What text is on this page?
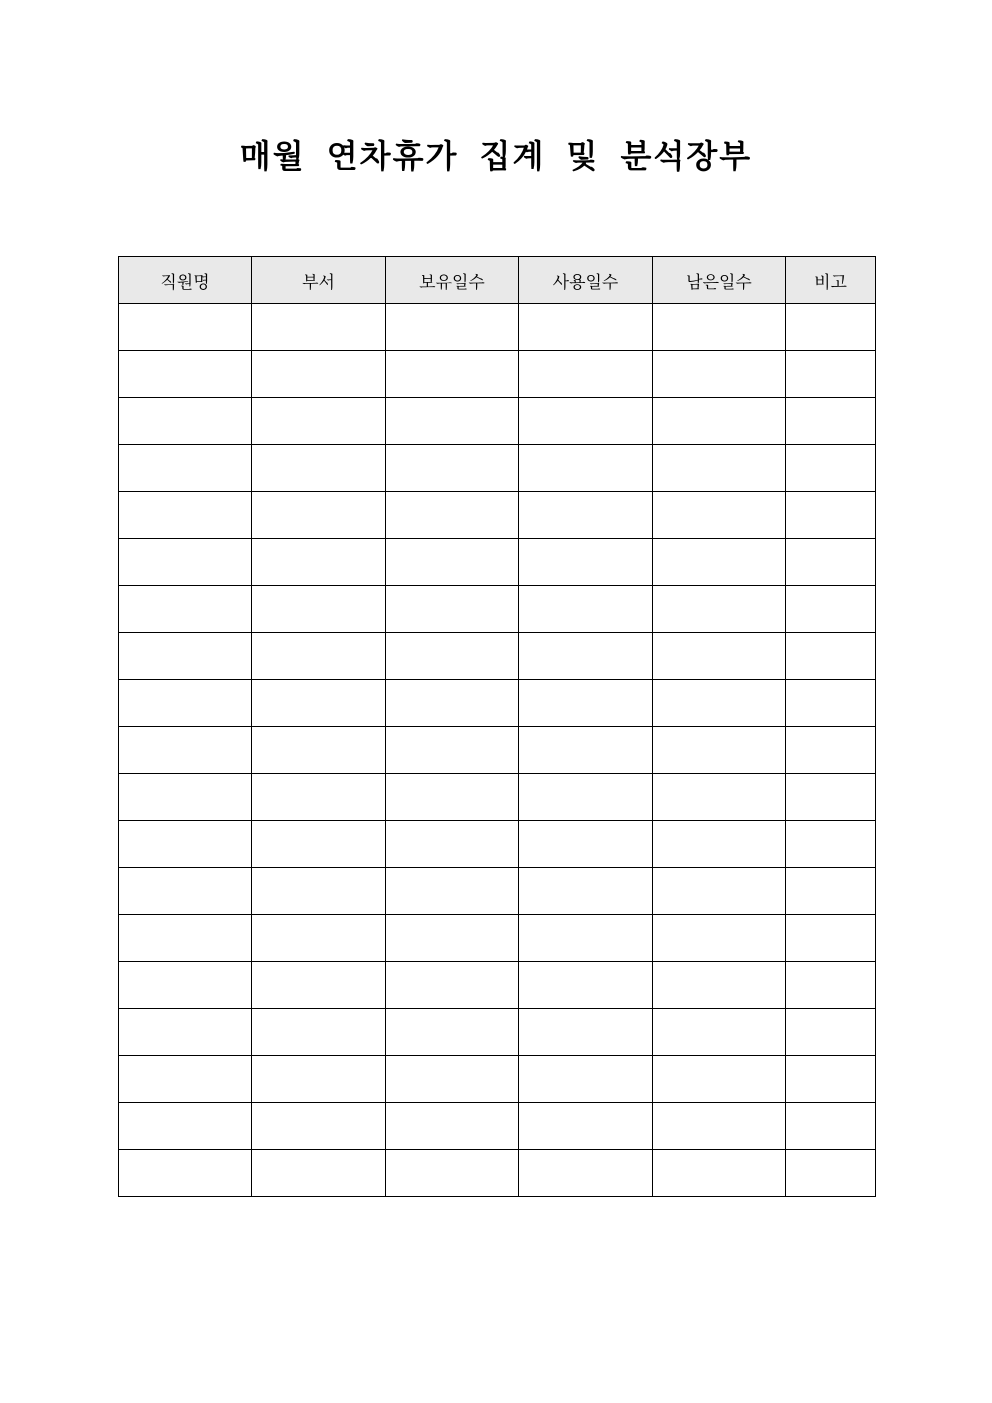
매월 연차휴가 집계 및 분석장부
직원명	부서	보유일수	사용일수	남은일수	비고
